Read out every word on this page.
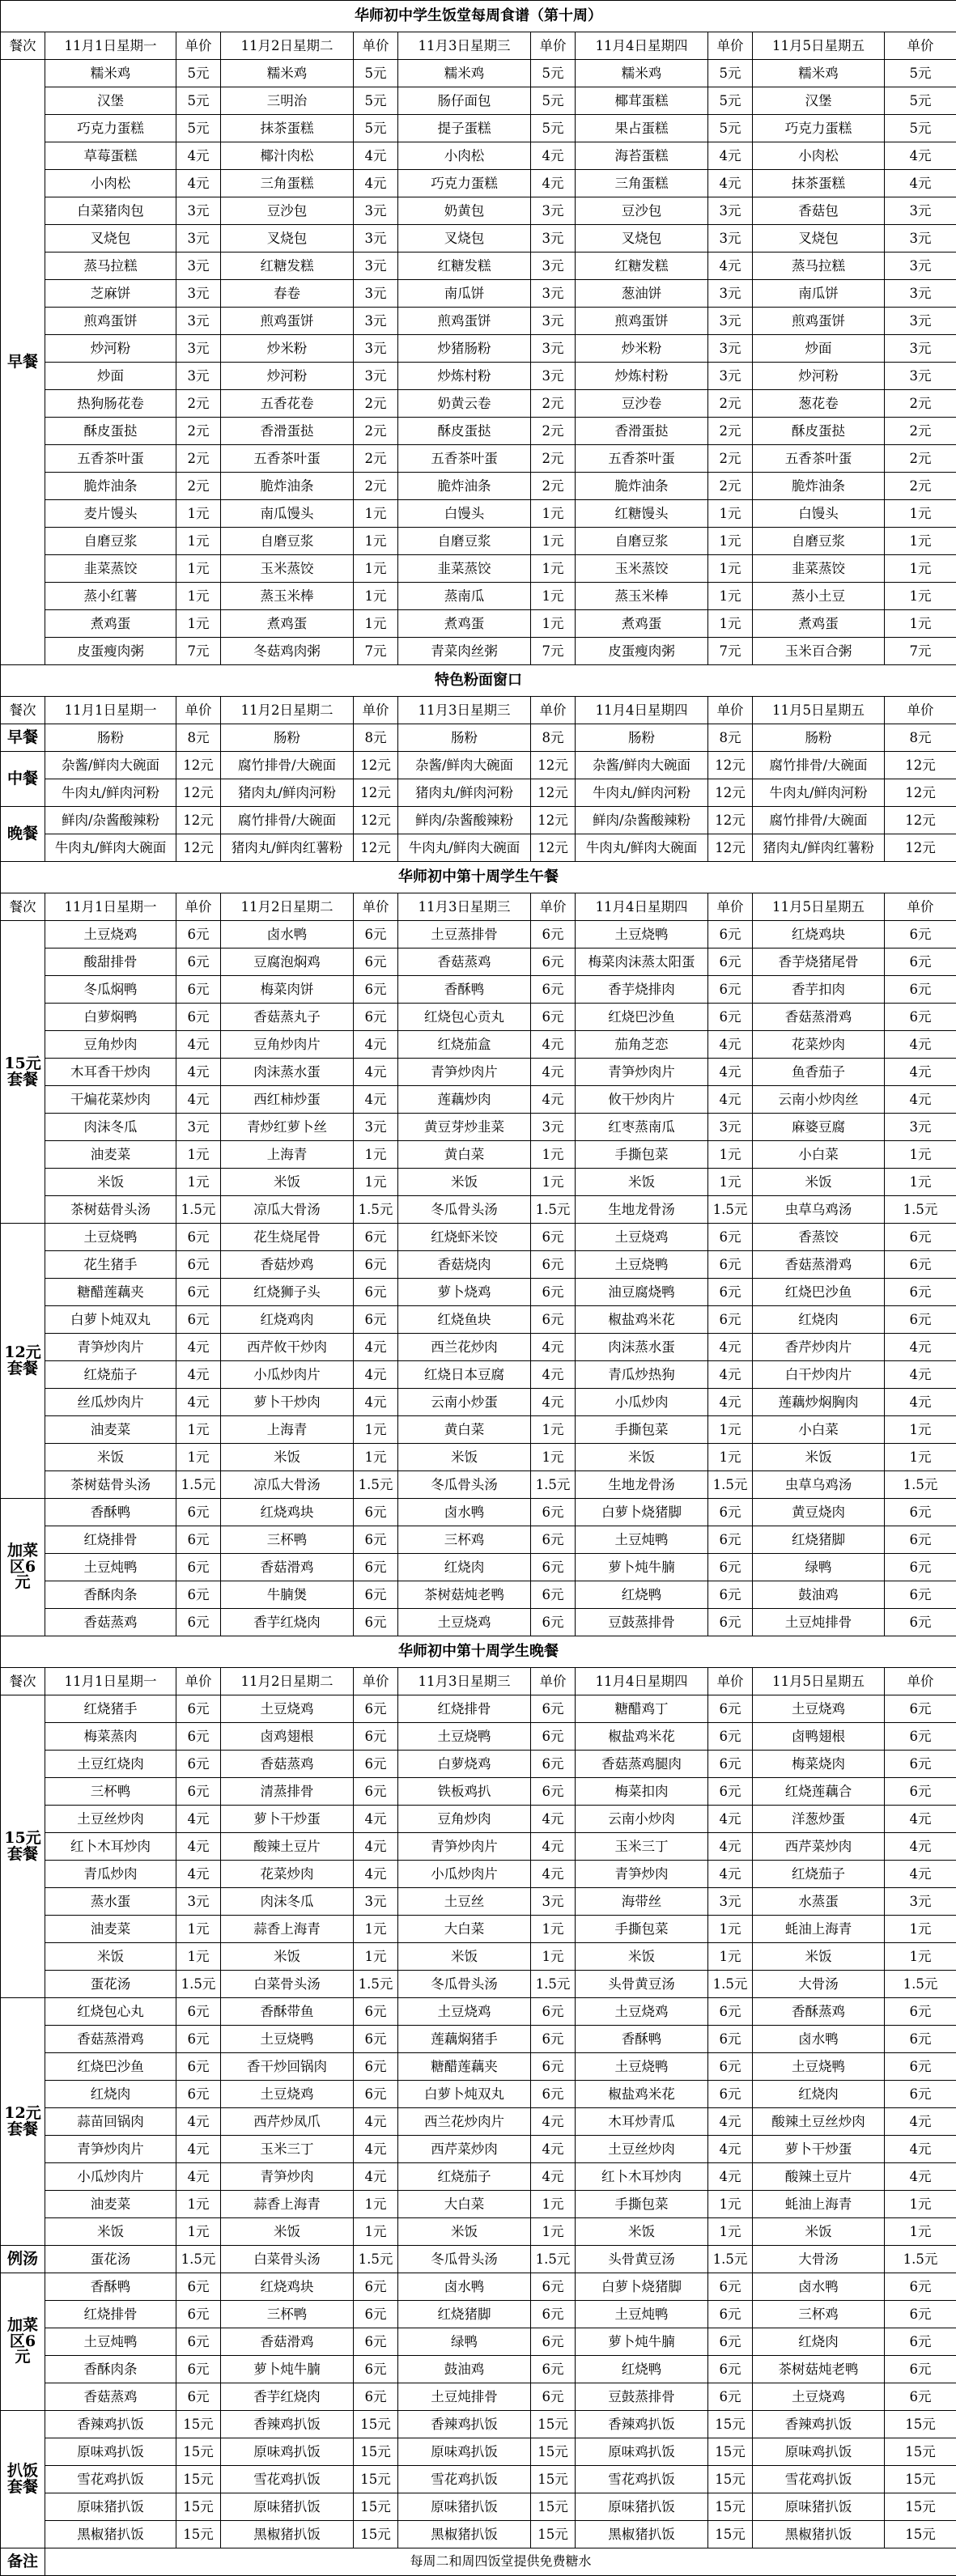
华师初中学生饭堂每周食谱（第十周）										
餐次	11月1日星期一	单价	11月2日星期二	单价	11月3日星期三	单价	11月4日星期四	单价	11月5日星期五	单价
早餐	糯米鸡	5元	糯米鸡	5元	糯米鸡	5元	糯米鸡	5元	糯米鸡	5元
	汉堡	5元	三明治	5元	肠仔面包	5元	椰茸蛋糕	5元	汉堡	5元
	巧克力蛋糕	5元	抹茶蛋糕	5元	提子蛋糕	5元	果占蛋糕	5元	巧克力蛋糕	5元
	草莓蛋糕	4元	椰汁肉松	4元	小肉松	4元	海苔蛋糕	4元	小肉松	4元
	小肉松	4元	三角蛋糕	4元	巧克力蛋糕	4元	三角蛋糕	4元	抹茶蛋糕	4元
	白菜猪肉包	3元	豆沙包	3元	奶黄包	3元	豆沙包	3元	香菇包	3元
	叉烧包	3元	叉烧包	3元	叉烧包	3元	叉烧包	3元	叉烧包	3元
	蒸马拉糕	3元	红糖发糕	3元	红糖发糕	3元	红糖发糕	4元	蒸马拉糕	3元
	芝麻饼	3元	春卷	3元	南瓜饼	3元	葱油饼	3元	南瓜饼	3元
	煎鸡蛋饼	3元	煎鸡蛋饼	3元	煎鸡蛋饼	3元	煎鸡蛋饼	3元	煎鸡蛋饼	3元
	炒河粉	3元	炒米粉	3元	炒猪肠粉	3元	炒米粉	3元	炒面	3元
	炒面	3元	炒河粉	3元	炒炼村粉	3元	炒炼村粉	3元	炒河粉	3元
	热狗肠花卷	2元	五香花卷	2元	奶黄云卷	2元	豆沙卷	2元	葱花卷	2元
	酥皮蛋挞	2元	香滑蛋挞	2元	酥皮蛋挞	2元	香滑蛋挞	2元	酥皮蛋挞	2元
	五香茶叶蛋	2元	五香茶叶蛋	2元	五香茶叶蛋	2元	五香茶叶蛋	2元	五香茶叶蛋	2元
	脆炸油条	2元	脆炸油条	2元	脆炸油条	2元	脆炸油条	2元	脆炸油条	2元
	麦片馒头	1元	南瓜馒头	1元	白馒头	1元	红糖馒头	1元	白馒头	1元
	自磨豆浆	1元	自磨豆浆	1元	自磨豆浆	1元	自磨豆浆	1元	自磨豆浆	1元
	韭菜蒸饺	1元	玉米蒸饺	1元	韭菜蒸饺	1元	玉米蒸饺	1元	韭菜蒸饺	1元
	蒸小红薯	1元	蒸玉米棒	1元	蒸南瓜	1元	蒸玉米棒	1元	蒸小土豆	1元
	煮鸡蛋	1元	煮鸡蛋	1元	煮鸡蛋	1元	煮鸡蛋	1元	煮鸡蛋	1元
	皮蛋瘦肉粥	7元	冬菇鸡肉粥	7元	青菜肉丝粥	7元	皮蛋瘦肉粥	7元	玉米百合粥	7元
特色粉面窗口										
餐次	11月1日星期一	单价	11月2日星期二	单价	11月3日星期三	单价	11月4日星期四	单价	11月5日星期五	单价
早餐	肠粉	8元	肠粉	8元	肠粉	8元	肠粉	8元	肠粉	8元
中餐	杂酱/鲜肉大碗面	12元	腐竹排骨/大碗面	12元	杂酱/鲜肉大碗面	12元	杂酱/鲜肉大碗面	12元	腐竹排骨/大碗面	12元
	牛肉丸/鲜肉河粉	12元	猪肉丸/鲜肉河粉	12元	猪肉丸/鲜肉河粉	12元	牛肉丸/鲜肉河粉	12元	牛肉丸/鲜肉河粉	12元
晚餐	鲜肉/杂酱酸辣粉	12元	腐竹排骨/大碗面	12元	鲜肉/杂酱酸辣粉	12元	鲜肉/杂酱酸辣粉	12元	腐竹排骨/大碗面	12元
	牛肉丸/鲜肉大碗面	12元	猪肉丸/鲜肉红薯粉	12元	牛肉丸/鲜肉大碗面	12元	牛肉丸/鲜肉大碗面	12元	猪肉丸/鲜肉红薯粉	12元
华师初中第十周学生午餐										
餐次	11月1日星期一	单价	11月2日星期二	单价	11月3日星期三	单价	11月4日星期四	单价	11月5日星期五	单价
15元套餐	土豆烧鸡	6元	卤水鸭	6元	土豆蒸排骨	6元	土豆烧鸭	6元	红烧鸡块	6元
	酸甜排骨	6元	豆腐泡焖鸡	6元	香菇蒸鸡	6元	梅菜肉沫蒸太阳蛋	6元	香芋烧猪尾骨	6元
	冬瓜焖鸭	6元	梅菜肉饼	6元	香酥鸭	6元	香芋烧排肉	6元	香芋扣肉	6元
	白萝焖鸭	6元	香菇蒸丸子	6元	红烧包心贡丸	6元	红烧巴沙鱼	6元	香菇蒸滑鸡	6元
	豆角炒肉	4元	豆角炒肉片	4元	红烧茄盒	4元	茄角芝恋	4元	花菜炒肉	4元
	木耳香干炒肉	4元	肉沫蒸水蛋	4元	青笋炒肉片	4元	青笋炒肉片	4元	鱼香茄子	4元
	干煸花菜炒肉	4元	西红柿炒蛋	4元	莲藕炒肉	4元	攸干炒肉片	4元	云南小炒肉丝	4元
	肉沫冬瓜	3元	青炒红萝卜丝	3元	黄豆芽炒韭菜	3元	红枣蒸南瓜	3元	麻婆豆腐	3元
	油麦菜	1元	上海青	1元	黄白菜	1元	手撕包菜	1元	小白菜	1元
	米饭	1元	米饭	1元	米饭	1元	米饭	1元	米饭	1元
	茶树菇骨头汤	1.5元	凉瓜大骨汤	1.5元	冬瓜骨头汤	1.5元	生地龙骨汤	1.5元	虫草乌鸡汤	1.5元
12元套餐	土豆烧鸭	6元	花生烧尾骨	6元	红烧虾米饺	6元	土豆烧鸡	6元	香蒸饺	6元
	花生猪手	6元	香菇炒鸡	6元	香菇烧肉	6元	土豆烧鸭	6元	香菇蒸滑鸡	6元
	糖醋莲藕夹	6元	红烧狮子头	6元	萝卜烧鸡	6元	油豆腐烧鸭	6元	红烧巴沙鱼	6元
	白萝卜炖双丸	6元	红烧鸡肉	6元	红烧鱼块	6元	椒盐鸡米花	6元	红烧肉	6元
	青笋炒肉片	4元	西芹攸干炒肉	4元	西兰花炒肉	4元	肉沫蒸水蛋	4元	香芹炒肉片	4元
	红烧茄子	4元	小瓜炒肉片	4元	红烧日本豆腐	4元	青瓜炒热狗	4元	白干炒肉片	4元
	丝瓜炒肉片	4元	萝卜干炒肉	4元	云南小炒蛋	4元	小瓜炒肉	4元	莲藕炒焖胸肉	4元
	油麦菜	1元	上海青	1元	黄白菜	1元	手撕包菜	1元	小白菜	1元
	米饭	1元	米饭	1元	米饭	1元	米饭	1元	米饭	1元
	茶树菇骨头汤	1.5元	凉瓜大骨汤	1.5元	冬瓜骨头汤	1.5元	生地龙骨汤	1.5元	虫草乌鸡汤	1.5元
加菜区6元	香酥鸭	6元	红烧鸡块	6元	卤水鸭	6元	白萝卜烧猪脚	6元	黄豆烧肉	6元
	红烧排骨	6元	三杯鸭	6元	三杯鸡	6元	土豆炖鸭	6元	红烧猪脚	6元
	土豆炖鸭	6元	香菇滑鸡	6元	红烧肉	6元	萝卜炖牛腩	6元	绿鸭	6元
	香酥肉条	6元	牛腩煲	6元	茶树菇炖老鸭	6元	红烧鸭	6元	鼓油鸡	6元
	香菇蒸鸡	6元	香芋红烧肉	6元	土豆烧鸡	6元	豆鼓蒸排骨	6元	土豆炖排骨	6元
华师初中第十周学生晚餐										
餐次	11月1日星期一	单价	11月2日星期二	单价	11月3日星期三	单价	11月4日星期四	单价	11月5日星期五	单价
15元套餐	红烧猪手	6元	土豆烧鸡	6元	红烧排骨	6元	糖醋鸡丁	6元	土豆烧鸡	6元
	梅菜蒸肉	6元	卤鸡翅根	6元	土豆烧鸭	6元	椒盐鸡米花	6元	卤鸭翅根	6元
	土豆红烧肉	6元	香菇蒸鸡	6元	白萝烧鸡	6元	香菇蒸鸡腿肉	6元	梅菜烧肉	6元
	三杯鸭	6元	清蒸排骨	6元	铁板鸡扒	6元	梅菜扣肉	6元	红烧莲藕合	6元
	土豆丝炒肉	4元	萝卜干炒蛋	4元	豆角炒肉	4元	云南小炒肉	4元	洋葱炒蛋	4元
	红卜木耳炒肉	4元	酸辣土豆片	4元	青笋炒肉片	4元	玉米三丁	4元	西芹菜炒肉	4元
	青瓜炒肉	4元	花菜炒肉	4元	小瓜炒肉片	4元	青笋炒肉	4元	红烧茄子	4元
	蒸水蛋	3元	肉沫冬瓜	3元	土豆丝	3元	海带丝	3元	水蒸蛋	3元
	油麦菜	1元	蒜香上海青	1元	大白菜	1元	手撕包菜	1元	蚝油上海青	1元
	米饭	1元	米饭	1元	米饭	1元	米饭	1元	米饭	1元
	蛋花汤	1.5元	白菜骨头汤	1.5元	冬瓜骨头汤	1.5元	头骨黄豆汤	1.5元	大骨汤	1.5元
12元套餐	红烧包心丸	6元	香酥带鱼	6元	土豆烧鸡	6元	土豆烧鸡	6元	香酥蒸鸡	6元
	香菇蒸滑鸡	6元	土豆烧鸭	6元	莲藕焖猪手	6元	香酥鸭	6元	卤水鸭	6元
	红烧巴沙鱼	6元	香干炒回锅肉	6元	糖醋莲藕夹	6元	土豆烧鸭	6元	土豆烧鸭	6元
	红烧肉	6元	土豆烧鸡	6元	白萝卜炖双丸	6元	椒盐鸡米花	6元	红烧肉	6元
	蒜苗回锅肉	4元	西芹炒凤爪	4元	西兰花炒肉片	4元	木耳炒青瓜	4元	酸辣土豆丝炒肉	4元
	青笋炒肉片	4元	玉米三丁	4元	西芹菜炒肉	4元	土豆丝炒肉	4元	萝卜干炒蛋	4元
	小瓜炒肉片	4元	青笋炒肉	4元	红烧茄子	4元	红卜木耳炒肉	4元	酸辣土豆片	4元
	油麦菜	1元	蒜香上海青	1元	大白菜	1元	手撕包菜	1元	蚝油上海青	1元
	米饭	1元	米饭	1元	米饭	1元	米饭	1元	米饭	1元
例汤	蛋花汤	1.5元	白菜骨头汤	1.5元	冬瓜骨头汤	1.5元	头骨黄豆汤	1.5元	大骨汤	1.5元
加菜区6元	香酥鸭	6元	红烧鸡块	6元	卤水鸭	6元	白萝卜烧猪脚	6元	卤水鸭	6元
	红烧排骨	6元	三杯鸭	6元	红烧猪脚	6元	土豆炖鸭	6元	三杯鸡	6元
	土豆炖鸭	6元	香菇滑鸡	6元	绿鸭	6元	萝卜炖牛腩	6元	红烧肉	6元
	香酥肉条	6元	萝卜炖牛腩	6元	鼓油鸡	6元	红烧鸭	6元	茶树菇炖老鸭	6元
	香菇蒸鸡	6元	香芋红烧肉	6元	土豆炖排骨	6元	豆鼓蒸排骨	6元	土豆烧鸡	6元
扒饭套餐	香辣鸡扒饭	15元	香辣鸡扒饭	15元	香辣鸡扒饭	15元	香辣鸡扒饭	15元	香辣鸡扒饭	15元
	原味鸡扒饭	15元	原味鸡扒饭	15元	原味鸡扒饭	15元	原味鸡扒饭	15元	原味鸡扒饭	15元
	雪花鸡扒饭	15元	雪花鸡扒饭	15元	雪花鸡扒饭	15元	雪花鸡扒饭	15元	雪花鸡扒饭	15元
	原味猪扒饭	15元	原味猪扒饭	15元	原味猪扒饭	15元	原味猪扒饭	15元	原味猪扒饭	15元
	黑椒猪扒饭	15元	黑椒猪扒饭	15元	黑椒猪扒饭	15元	黑椒猪扒饭	15元	黑椒猪扒饭	15元
备注	每周二和周四饭堂提供免费糖水									
